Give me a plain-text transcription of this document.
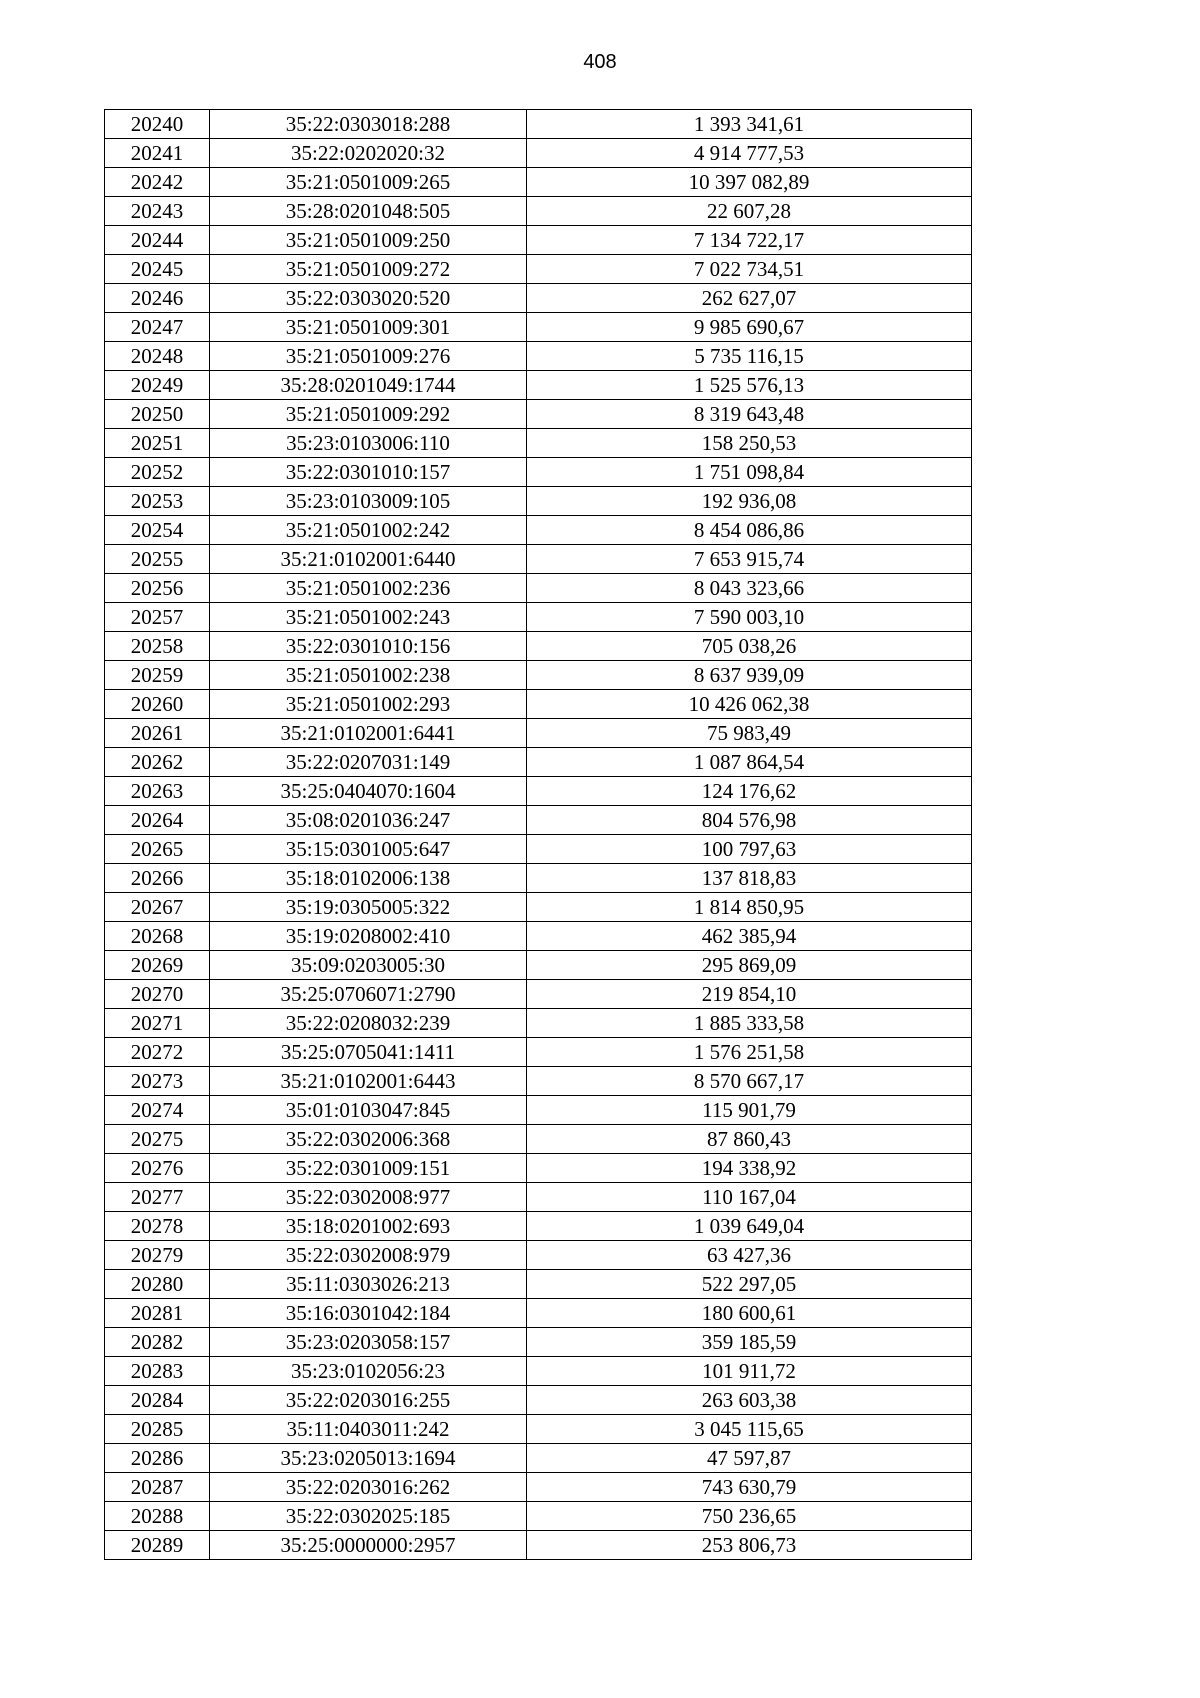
408
20240	35:22:0303018:288	1 393 341,61
20241	35:22:0202020:32	4 914 777,53
20242	35:21:0501009:265	10 397 082,89
20243	35:28:0201048:505	22 607,28
20244	35:21:0501009:250	7 134 722,17
20245	35:21:0501009:272	7 022 734,51
20246	35:22:0303020:520	262 627,07
20247	35:21:0501009:301	9 985 690,67
20248	35:21:0501009:276	5 735 116,15
20249	35:28:0201049:1744	1 525 576,13
20250	35:21:0501009:292	8 319 643,48
20251	35:23:0103006:110	158 250,53
20252	35:22:0301010:157	1 751 098,84
20253	35:23:0103009:105	192 936,08
20254	35:21:0501002:242	8 454 086,86
20255	35:21:0102001:6440	7 653 915,74
20256	35:21:0501002:236	8 043 323,66
20257	35:21:0501002:243	7 590 003,10
20258	35:22:0301010:156	705 038,26
20259	35:21:0501002:238	8 637 939,09
20260	35:21:0501002:293	10 426 062,38
20261	35:21:0102001:6441	75 983,49
20262	35:22:0207031:149	1 087 864,54
20263	35:25:0404070:1604	124 176,62
20264	35:08:0201036:247	804 576,98
20265	35:15:0301005:647	100 797,63
20266	35:18:0102006:138	137 818,83
20267	35:19:0305005:322	1 814 850,95
20268	35:19:0208002:410	462 385,94
20269	35:09:0203005:30	295 869,09
20270	35:25:0706071:2790	219 854,10
20271	35:22:0208032:239	1 885 333,58
20272	35:25:0705041:1411	1 576 251,58
20273	35:21:0102001:6443	8 570 667,17
20274	35:01:0103047:845	115 901,79
20275	35:22:0302006:368	87 860,43
20276	35:22:0301009:151	194 338,92
20277	35:22:0302008:977	110 167,04
20278	35:18:0201002:693	1 039 649,04
20279	35:22:0302008:979	63 427,36
20280	35:11:0303026:213	522 297,05
20281	35:16:0301042:184	180 600,61
20282	35:23:0203058:157	359 185,59
20283	35:23:0102056:23	101 911,72
20284	35:22:0203016:255	263 603,38
20285	35:11:0403011:242	3 045 115,65
20286	35:23:0205013:1694	47 597,87
20287	35:22:0203016:262	743 630,79
20288	35:22:0302025:185	750 236,65
20289	35:25:0000000:2957	253 806,73
